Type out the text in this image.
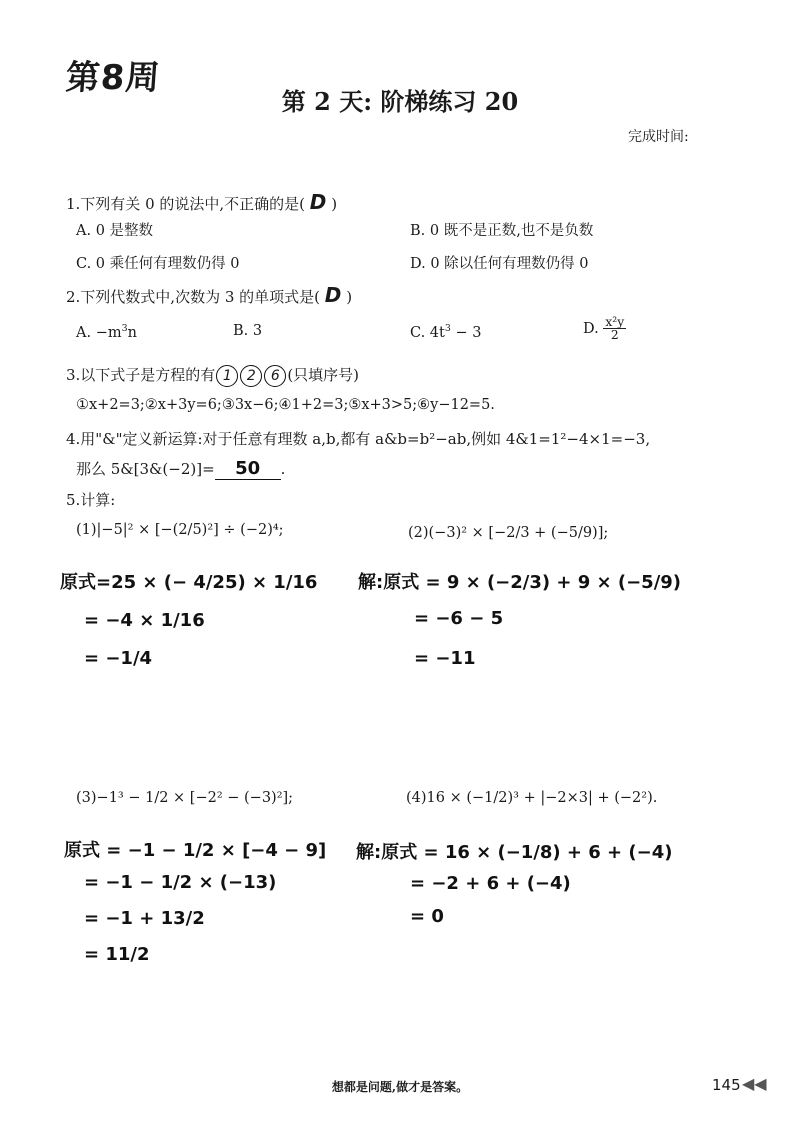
第8周
第 2 天: 阶梯练习 20
完成时间:
1.下列有关 0 的说法中,不正确的是( D )
A. 0 是整数	B. 0 既不是正数,也不是负数
C. 0 乘任何有理数仍得 0	D. 0 除以任何有理数仍得 0
2.下列代数式中,次数为 3 的单项式是( D )
A. $-m^3n$	B. 3	C. $4t^3 - 3$	D. $\frac{\text{x²y}}{2}$
3.以下式子是方程的有 1 2 6 (只填序号)
①x+2=3;②x+3y=6;③3x−6;④1+2=3;⑤x+3>5;⑥y−12=5.
4.用"&"定义新运算:对于任意有理数 a,b,都有 a&b=b²−ab,例如 4&1=1²−4×1=−3,
那么 5&[3&(−2)]= 50 .
5.计算:
(1)|−5|² × [−(2/5)²] ÷ (−2)⁴;	(2)(−3)² × [−2/3 + (−5/9)];
原式=25 × (− 4/25) × 1/16
= −4 × 1/16
= −1/4
解:原式 = 9 × (−2/3) + 9 × (−5/9)
= −6 − 5
= −11
(3)−1³ − 1/2 × [−2² − (−3)²];	(4)16 × (−1/2)³ + |−2×3| + (−2²).
原式 = −1 − 1/2 × [−4 − 9]
= −1 − 1/2 × (−13)
= −1 + 13/2
= 11/2
解:原式 = 16 × (−1/8) + 6 + (−4)
= −2 + 6 + (−4)
= 0
想都是问题,做才是答案。	145 ◀◀
